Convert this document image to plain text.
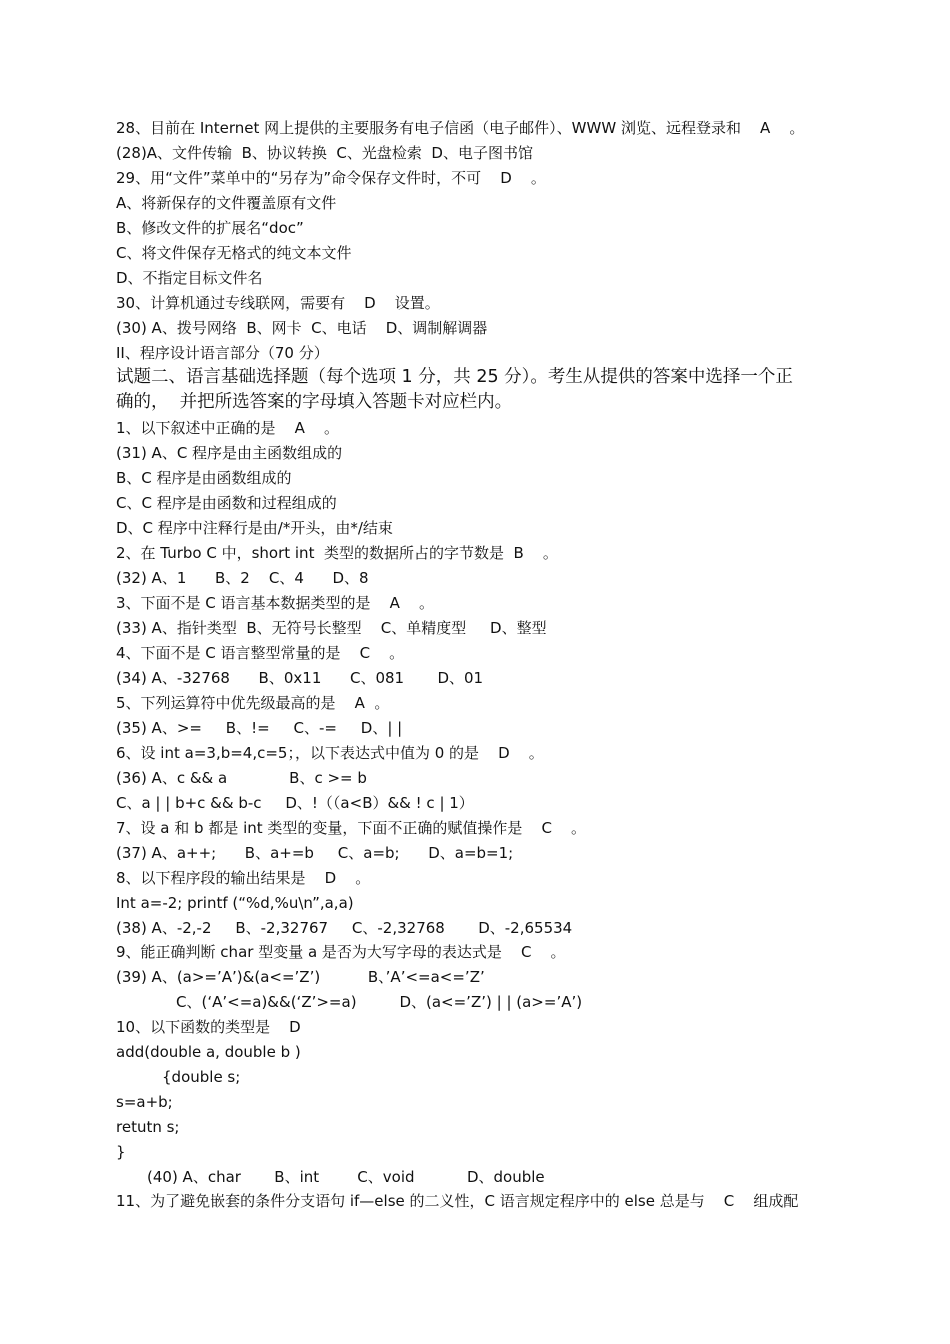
28、目前在 Internet 网上提供的主要服务有电子信函（电子邮件）、WWW 浏览、远程登录和    A    。
(28)A、文件传输  B、协议转换  C、光盘检索  D、电子图书馆
29、用“文件”菜单中的“另存为”命令保存文件时，不可    D    。
A、将新保存的文件覆盖原有文件
B、修改文件的扩展名“doc”
C、将文件保存无格式的纯文本文件
D、不指定目标文件名
30、计算机通过专线联网，需要有    D    设置。
(30) A、拨号网络  B、网卡  C、电话    D、调制解调器
II、程序设计语言部分（70 分）
试题二、语言基础选择题（每个选项 1 分，共 25 分）。考生从提供的答案中选择一个正
确的，  并把所选答案的字母填入答题卡对应栏内。
1、以下叙述中正确的是    A    。
(31) A、C 程序是由主函数组成的
B、C 程序是由函数组成的
C、C 程序是由函数和过程组成的
D、C 程序中注释行是由/*开头，由*/结束
2、在 Turbo C 中，short int  类型的数据所占的字节数是  B    。
(32) A、1      B、2    C、4      D、8
3、下面不是 C 语言基本数据类型的是    A    。
(33) A、指针类型  B、无符号长整型    C、单精度型     D、整型
4、下面不是 C 语言整型常量的是    C    。
(34) A、-32768      B、0x11      C、081       D、01
5、下列运算符中优先级最高的是    A  。
(35) A、>=     B、!=     C、-=     D、| |
6、设 int a=3,b=4,c=5；，以下表达式中值为 0 的是    D    。
(36) A、c && a             B、c >= b
C、a | | b+c && b-c     D、!（（a<B）&& ! c | 1）
7、设 a 和 b 都是 int 类型的变量，下面不正确的赋值操作是    C    。
(37) A、a++;      B、a+=b     C、a=b;      D、a=b=1;
8、以下程序段的输出结果是    D    。
Int a=-2; printf (“%d,%u\n”,a,a)
(38) A、-2,-2     B、-2,32767     C、-2,32768       D、-2,65534
9、能正确判断 char 型变量 a 是否为大写字母的表达式是    C    。
(39) A、(a>=’A’)&(a<=’Z’)          B、’A’<=a<=’Z’
C、(‘A’<=a)&&(‘Z’>=a)         D、(a<=’Z’) | | (a>=’A’)
10、以下函数的类型是    D
add(double a, double b )
{double s;
s=a+b;
retutn s;
}
(40) A、char       B、int        C、void           D、double
11、为了避免嵌套的条件分支语句 if—else 的二义性，C 语言规定程序中的 else 总是与    C    组成配
